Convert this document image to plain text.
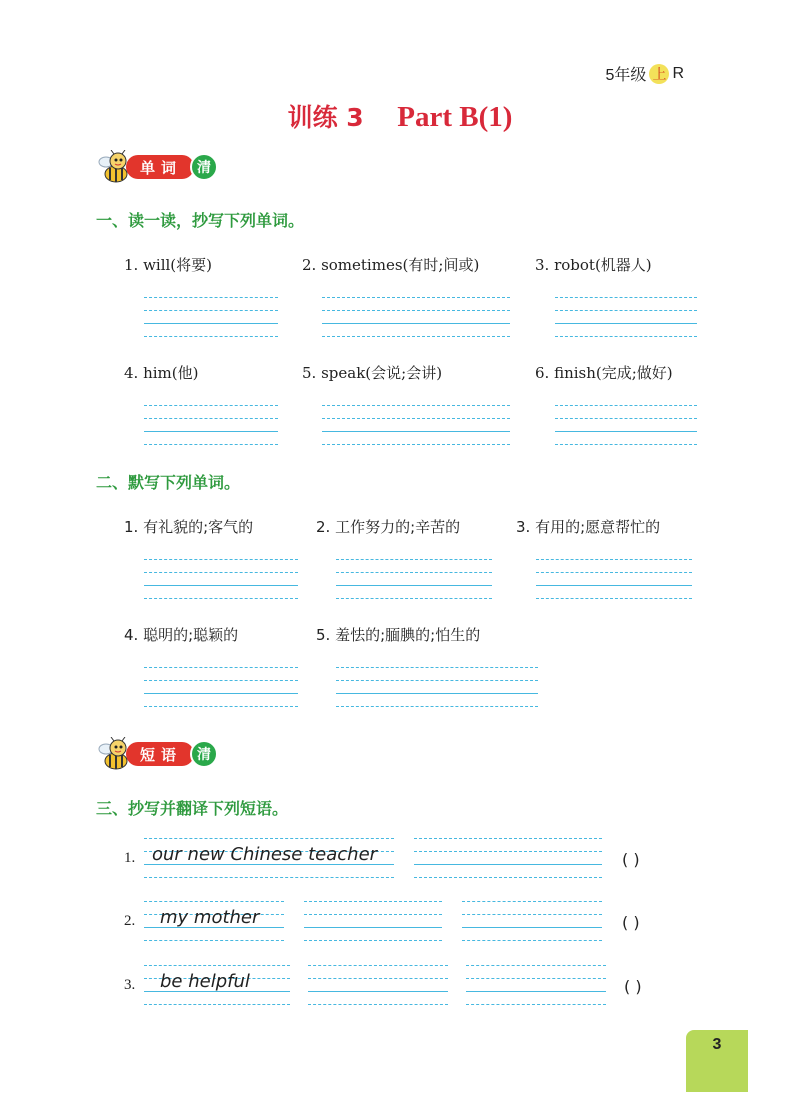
5年级 上 R
训练 3 Part B(1)
单词	清
一、读一读，抄写下列单词。
1. will(将要)	2. sometimes(有时;间或)	3. robot(机器人)
4. him(他)	5. speak(会说;会讲)	6. finish(完成;做好)
二、默写下列单词。
1. 有礼貌的;客气的	2. 工作努力的;辛苦的	3. 有用的;愿意帮忙的
4. 聪明的;聪颖的	5. 羞怯的;腼腆的;怕生的
短语	清
三、抄写并翻译下列短语。
1. our new Chinese teacher	( )
2. my mother	( )
3. be helpful	( )
3
